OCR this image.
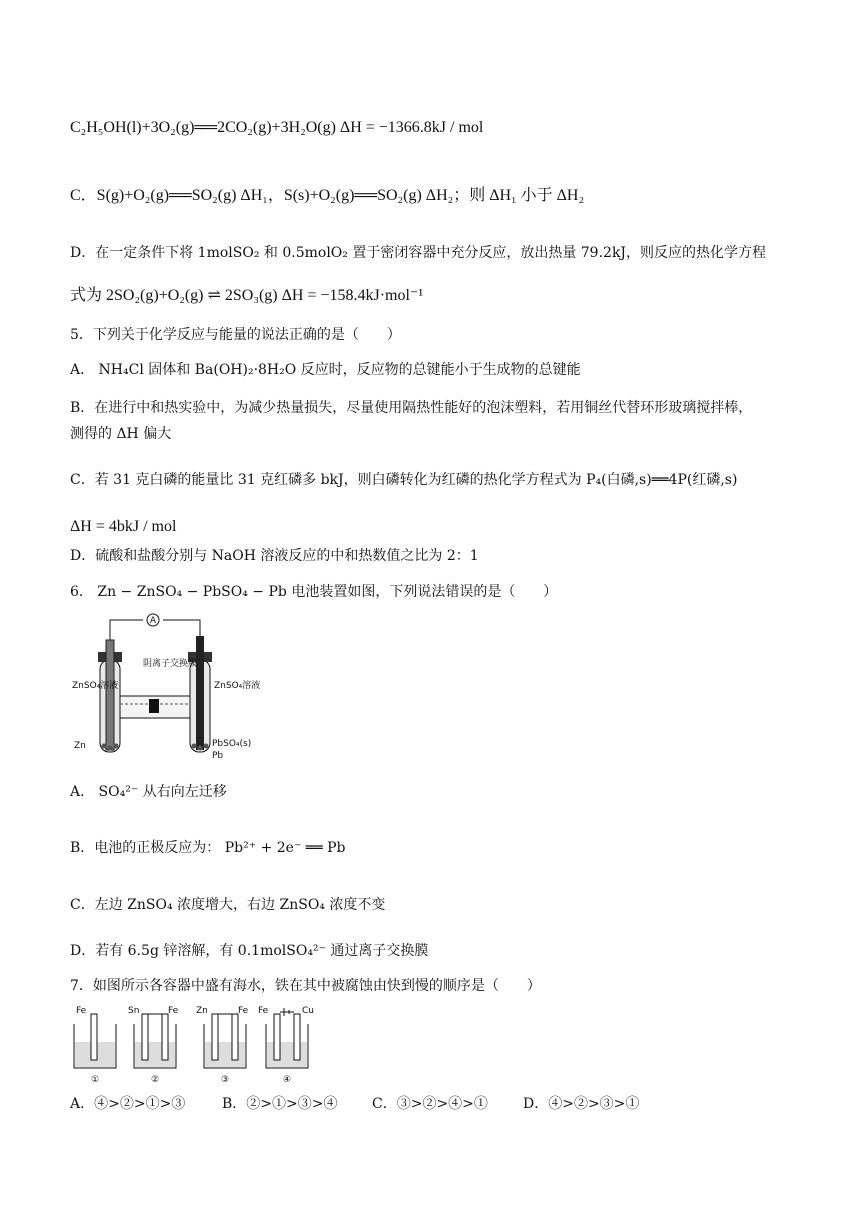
C₂H₅OH(l)+3O₂(g)══2CO₂(g)+3H₂O(g) ΔH = −1366.8kJ / mol
C．S(g)+O₂(g)══SO₂(g) ΔH₁，S(s)+O₂(g)══SO₂(g) ΔH₂；则 ΔH₁ 小于 ΔH₂
D．在一定条件下将 1molSO₂ 和 0.5molO₂ 置于密闭容器中充分反应，放出热量 79.2kJ，则反应的热化学方程
式为 2SO₂(g)+O₂(g) ⇌ 2SO₃(g) ΔH = −158.4kJ·mol⁻¹
5．下列关于化学反应与能量的说法正确的是（　　）
A． NH₄Cl 固体和 Ba(OH)₂·8H₂O 反应时，反应物的总键能小于生成物的总键能
B．在进行中和热实验中，为减少热量损失，尽量使用隔热性能好的泡沫塑料，若用铜丝代替环形玻璃搅拌棒，
测得的 ΔH 偏大
C．若 31 克白磷的能量比 31 克红磷多 bkJ，则白磷转化为红磷的热化学方程式为 P₄(白磷,s)══4P(红磷,s)
ΔH = 4bkJ / mol
D．硫酸和盐酸分别与 NaOH 溶液反应的中和热数值之比为 2：1
6． Zn − ZnSO₄ − PbSO₄ − Pb 电池装置如图，下列说法错误的是（　　）
A
阴离子交换膜
ZnSO₄溶液	ZnSO₄溶液
Zn	PbSO₄(s)
Pb
A． SO₄²⁻ 从右向左迁移
B．电池的正极反应为： Pb²⁺ + 2e⁻ ══ Pb
C．左边 ZnSO₄ 浓度增大，右边 ZnSO₄ 浓度不变
D．若有 6.5g 锌溶解，有 0.1molSO₄²⁻ 通过离子交换膜
7．如图所示各容器中盛有海水，铁在其中被腐蚀由快到慢的顺序是（　　）
Fe	Sn	Fe Zn	Fe Fe	Cu
①	②	③	④
A．④>②>①>③	B．②>①>③>④ C．③>②>④>①	D．④>②>③>①
